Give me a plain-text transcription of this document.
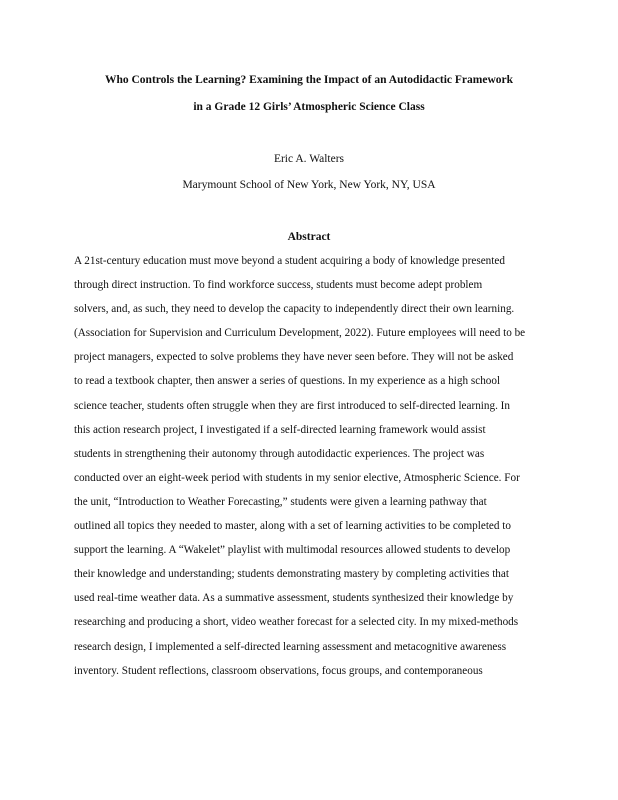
Who Controls the Learning? Examining the Impact of an Autodidactic Framework
in a Grade 12 Girls’ Atmospheric Science Class
Eric A. Walters
Marymount School of New York, New York, NY, USA
Abstract
A 21st-century education must move beyond a student acquiring a body of knowledge presented
through direct instruction. To find workforce success, students must become adept problem
solvers, and, as such, they need to develop the capacity to independently direct their own learning.
(Association for Supervision and Curriculum Development, 2022). Future employees will need to be
project managers, expected to solve problems they have never seen before. They will not be asked
to read a textbook chapter, then answer a series of questions. In my experience as a high school
science teacher, students often struggle when they are first introduced to self-directed learning. In
this action research project, I investigated if a self-directed learning framework would assist
students in strengthening their autonomy through autodidactic experiences. The project was
conducted over an eight-week period with students in my senior elective, Atmospheric Science. For
the unit, “Introduction to Weather Forecasting,” students were given a learning pathway that
outlined all topics they needed to master, along with a set of learning activities to be completed to
support the learning. A “Wakelet” playlist with multimodal resources allowed students to develop
their knowledge and understanding; students demonstrating mastery by completing activities that
used real-time weather data. As a summative assessment, students synthesized their knowledge by
researching and producing a short, video weather forecast for a selected city. In my mixed-methods
research design, I implemented a self-directed learning assessment and metacognitive awareness
inventory. Student reflections, classroom observations, focus groups, and contemporaneous
